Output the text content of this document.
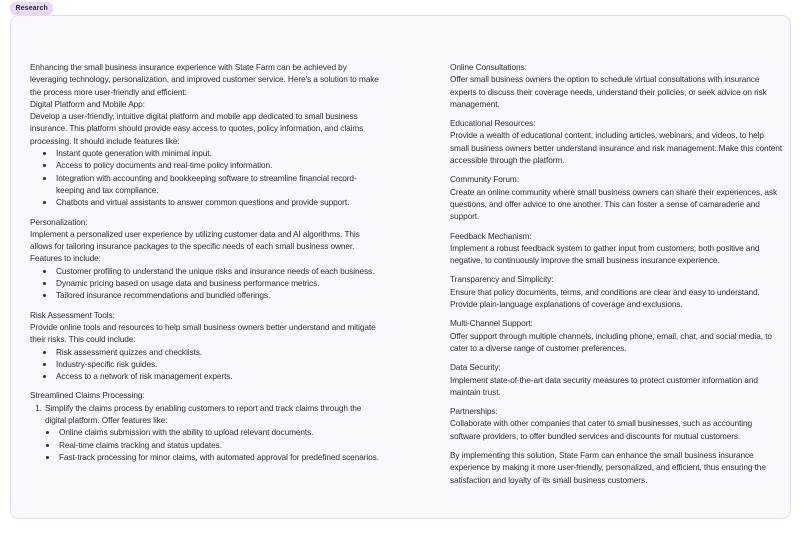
Research
Enhancing the small business insurance experience with State Farm can be achieved by leveraging technology, personalization, and improved customer service. Here's a solution to make the process more user-friendly and efficient:
Digital Platform and Mobile App:
Develop a user-friendly, intuitive digital platform and mobile app dedicated to small business insurance. This platform should provide easy access to quotes, policy information, and claims processing. It should include features like:
• Instant quote generation with minimal input.
• Access to policy documents and real-time policy information.
• Integration with accounting and bookkeeping software to streamline financial record-keeping and tax compliance.
• Chatbots and virtual assistants to answer common questions and provide support.
Personalization:
Implement a personalized user experience by utilizing customer data and AI algorithms. This allows for tailoring insurance packages to the specific needs of each small business owner. Features to include:
• Customer profiling to understand the unique risks and insurance needs of each business.
• Dynamic pricing based on usage data and business performance metrics.
• Tailored insurance recommendations and bundled offerings.
Risk Assessment Tools:
Provide online tools and resources to help small business owners better understand and mitigate their risks. This could include:
• Risk assessment quizzes and checklists.
• Industry-specific risk guides.
• Access to a network of risk management experts.
Streamlined Claims Processing:
1. Simplify the claims process by enabling customers to report and track claims through the digital platform. Offer features like:
• Online claims submission with the ability to upload relevant documents.
• Real-time claims tracking and status updates.
• Fast-track processing for minor claims, with automated approval for predefined scenarios.
Online Consultations:
Offer small business owners the option to schedule virtual consultations with insurance experts to discuss their coverage needs, understand their policies, or seek advice on risk management.
Educational Resources:
Provide a wealth of educational content, including articles, webinars, and videos, to help small business owners better understand insurance and risk management. Make this content accessible through the platform.
Community Forum:
Create an online community where small business owners can share their experiences, ask questions, and offer advice to one another. This can foster a sense of camaraderie and support.
Feedback Mechanism:
Implement a robust feedback system to gather input from customers, both positive and negative, to continuously improve the small business insurance experience.
Transparency and Simplicity:
Ensure that policy documents, terms, and conditions are clear and easy to understand. Provide plain-language explanations of coverage and exclusions.
Multi-Channel Support:
Offer support through multiple channels, including phone, email, chat, and social media, to cater to a diverse range of customer preferences.
Data Security:
Implement state-of-the-art data security measures to protect customer information and maintain trust.
Partnerships:
Collaborate with other companies that cater to small businesses, such as accounting software providers, to offer bundled services and discounts for mutual customers.
By implementing this solution, State Farm can enhance the small business insurance experience by making it more user-friendly, personalized, and efficient, thus ensuring the satisfaction and loyalty of its small business customers.
